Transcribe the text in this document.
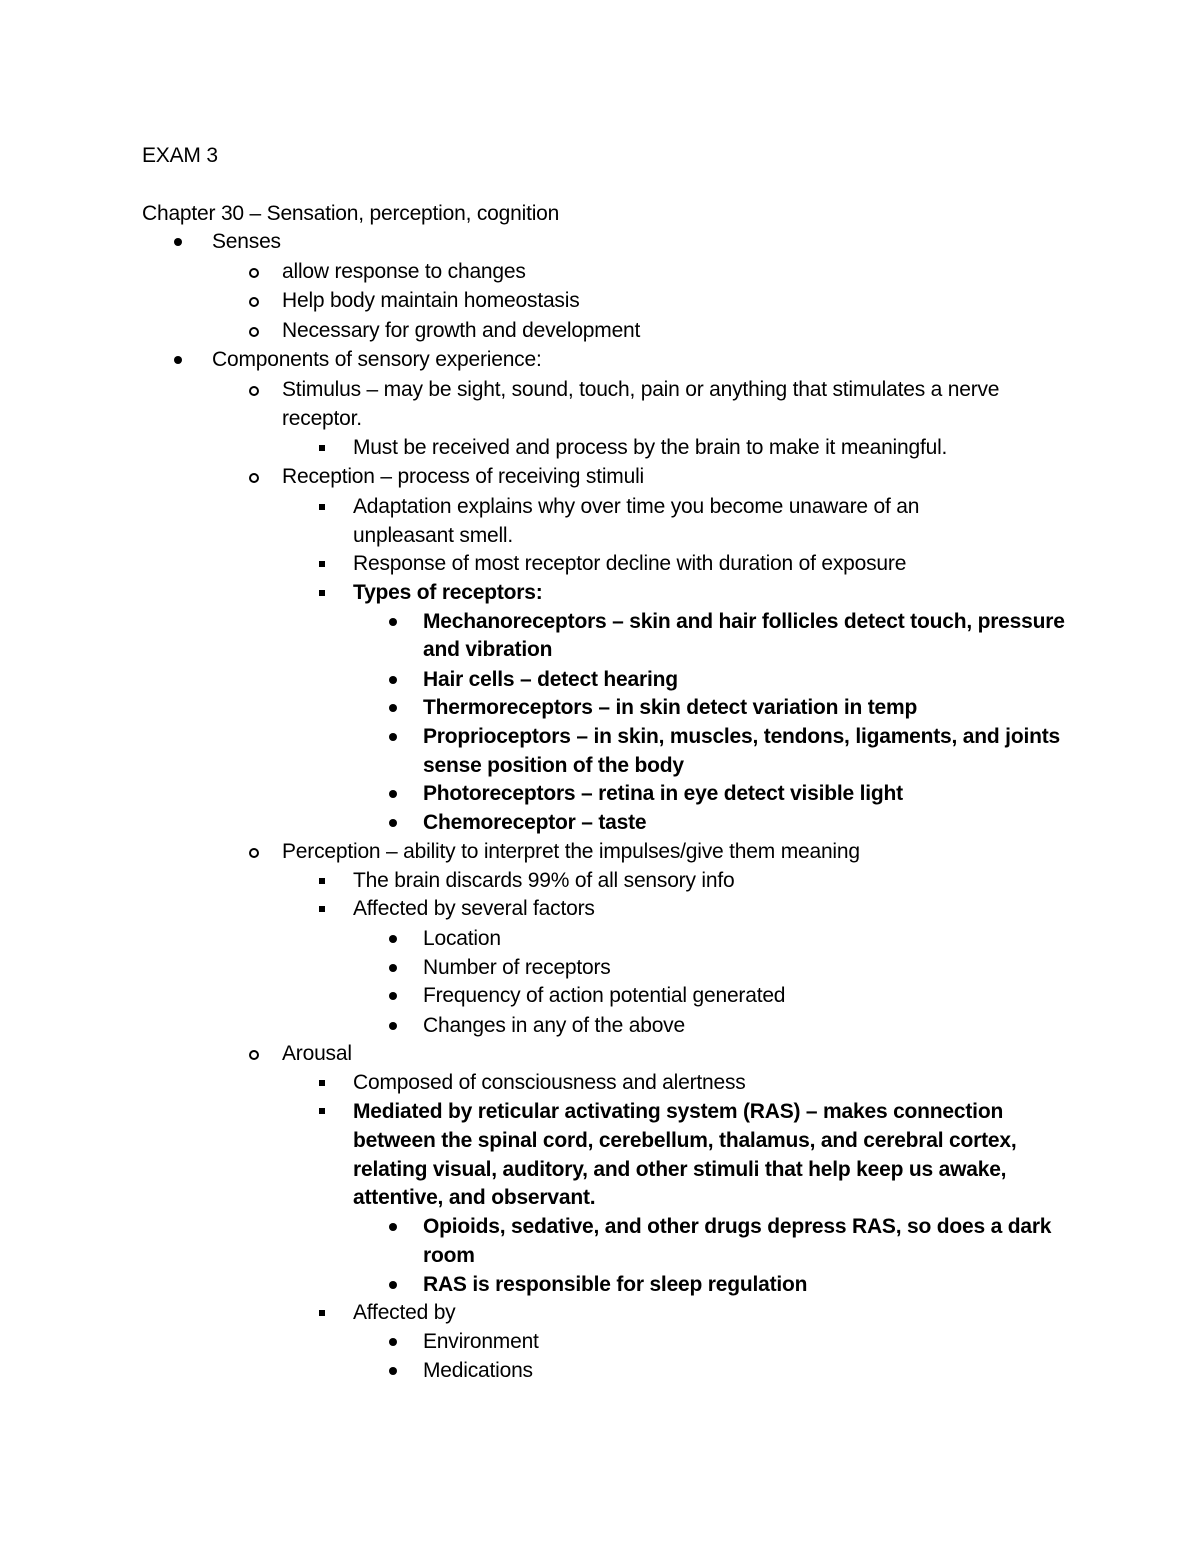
EXAM 3
Chapter 30 – Sensation, perception, cognition
Senses
allow response to changes
Help body maintain homeostasis
Necessary for growth and development
Components of sensory experience:
Stimulus – may be sight, sound, touch, pain or anything that stimulates a nerve
receptor.
Must be received and process by the brain to make it meaningful.
Reception – process of receiving stimuli
Adaptation explains why over time you become unaware of an
unpleasant smell.
Response of most receptor decline with duration of exposure
Types of receptors:
Mechanoreceptors – skin and hair follicles detect touch, pressure
and vibration
Hair cells – detect hearing
Thermoreceptors – in skin detect variation in temp
Proprioceptors – in skin, muscles, tendons, ligaments, and joints
sense position of the body
Photoreceptors – retina in eye detect visible light
Chemoreceptor – taste
Perception – ability to interpret the impulses/give them meaning
The brain discards 99% of all sensory info
Affected by several factors
Location
Number of receptors
Frequency of action potential generated
Changes in any of the above
Arousal
Composed of consciousness and alertness
Mediated by reticular activating system (RAS) – makes connection
between the spinal cord, cerebellum, thalamus, and cerebral cortex,
relating visual, auditory, and other stimuli that help keep us awake,
attentive, and observant.
Opioids, sedative, and other drugs depress RAS, so does a dark
room
RAS is responsible for sleep regulation
Affected by
Environment
Medications
